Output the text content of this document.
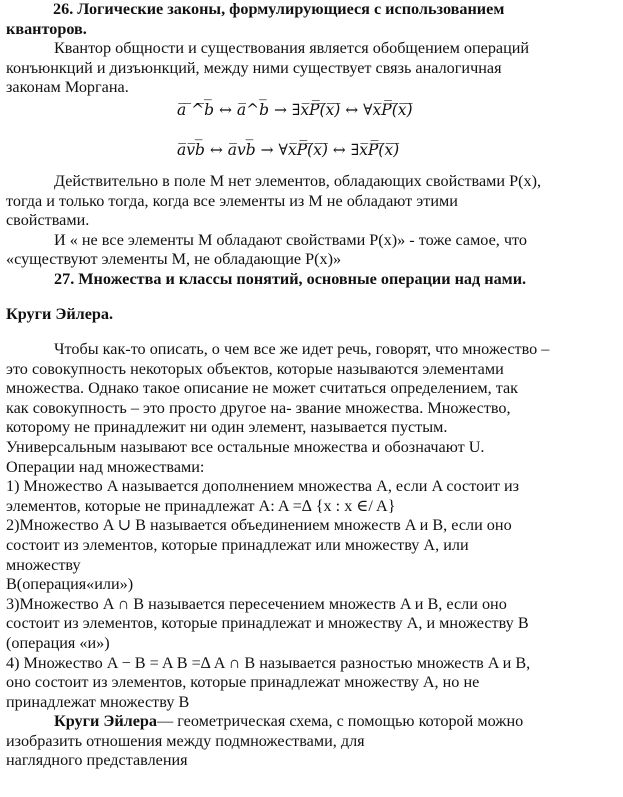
26. Логические законы, формулирующиеся с использованием
кванторов.
Квантор общности и существования является обобщением операций
конъюнкций и дизъюнкций, между ними существует связь аналогичная
законам Моргана.
a̅ ̅^̅b̅ ↔ a̅^b̅ → ∃x̅P̅(̅x̅)̅ ↔ ∀x̅P̅(̅x̅)̅
a̅v̅b̅ ↔ a̅vb̅ → ∀x̅P̅(̅x̅)̅ ↔ ∃x̅P̅(̅x̅)̅
Действительно в поле M нет элементов, обладающих свойствами P(x),
тогда и только тогда, когда все элементы из M не обладают этими
свойствами.
И « не все элементы M обладают свойствами P(x)» - тоже самое, что
«существуют элементы M, не обладающие P(x)»
27. Множества и классы понятий, основные операции над нами.
Круги Эйлера.
Чтобы как-то описать, о чем все же идет речь, говорят, что множество –
это совокупность некоторых объектов, которые называются элементами
множества. Однако такое описание не может считаться определением, так
как совокупность – это просто другое на- звание множества. Множество,
которому не принадлежит ни один элемент, называется пустым.
Универсальным называют все остальные множества и обозначают U.
Операции над множествами:
1) Множество A называется дополнением множества A, если A состоит из
элементов, которые не принадлежат A: A =∆ {x : x ∈/ A}
2)Множество A ∪ B называется объединением множеств A и B, если оно
состоит из элементов, которые принадлежат или множеству A, или
множеству
B(операция«или»)
3)Множество A ∩ B называется пересечением множеств A и B, если оно
состоит из элементов, которые принадлежат и множеству A, и множеству B
(операция «и»)
4) Множество A − B = A B =∆ A ∩ B называется разностью множеств A и B,
оно состоит из элементов, которые принадлежат множеству A, но не
принадлежат множеству B
Круги Эйлера— геометрическая схема, с помощью которой можно
изобразить отношения между подмножествами, для
наглядного представления
